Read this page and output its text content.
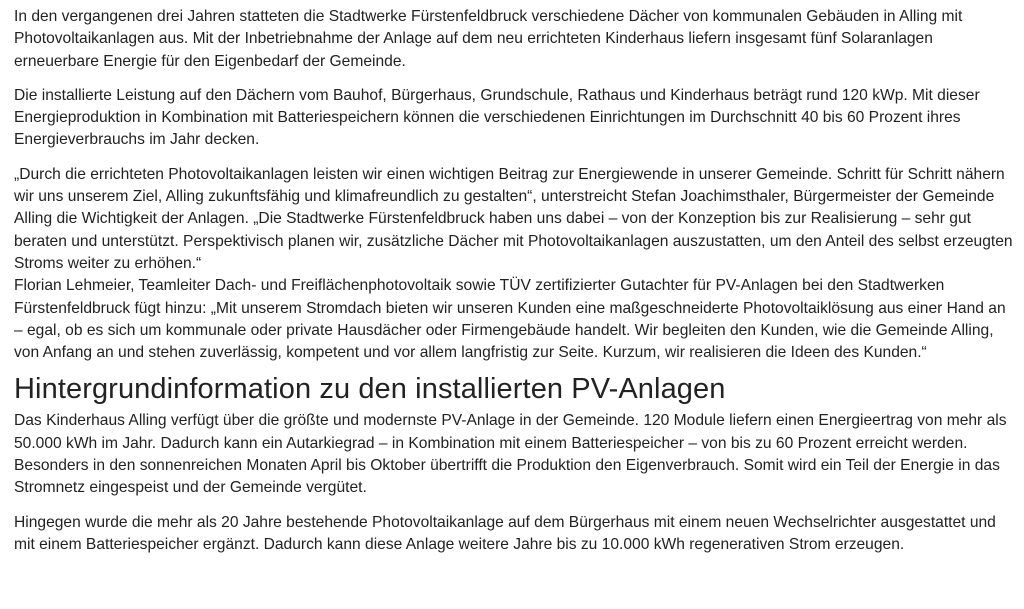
In den vergangenen drei Jahren statteten die Stadtwerke Fürstenfeldbruck verschiedene Dächer von kommunalen Gebäuden in Alling mit Photovoltaikanlagen aus. Mit der Inbetriebnahme der Anlage auf dem neu errichteten Kinderhaus liefern insgesamt fünf Solaranlagen erneuerbare Energie für den Eigenbedarf der Gemeinde.

Die installierte Leistung auf den Dächern vom Bauhof, Bürgerhaus, Grundschule, Rathaus und Kinderhaus beträgt rund 120 kWp. Mit dieser Energieproduktion in Kombination mit Batteriespeichern können die verschiedenen Einrichtungen im Durchschnitt 40 bis 60 Prozent ihres Energieverbrauchs im Jahr decken.

„Durch die errichteten Photovoltaikanlagen leisten wir einen wichtigen Beitrag zur Energiewende in unserer Gemeinde. Schritt für Schritt nähern wir uns unserem Ziel, Alling zukunftsfähig und klimafreundlich zu gestalten“, unterstreicht Stefan Joachimsthaler, Bürgermeister der Gemeinde Alling die Wichtigkeit der Anlagen. „Die Stadtwerke Fürstenfeldbruck haben uns dabei – von der Konzeption bis zur Realisierung – sehr gut beraten und unterstützt. Perspektivisch planen wir, zusätzliche Dächer mit Photovoltaikanlagen auszustatten, um den Anteil des selbst erzeugten Stroms weiter zu erhöhen.“

Florian Lehmeier, Teamleiter Dach- und Freiflächenphotovoltaik sowie TÜV zertifizierter Gutachter für PV-Anlagen bei den Stadtwerken Fürstenfeldbruck fügt hinzu: „Mit unserem Stromdach bieten wir unseren Kunden eine maßgeschneiderte Photovoltaiklösung aus einer Hand an – egal, ob es sich um kommunale oder private Hausdächer oder Firmengebäude handelt. Wir begleiten den Kunden, wie die Gemeinde Alling, von Anfang an und stehen zuverlässig, kompetent und vor allem langfristig zur Seite. Kurzum, wir realisieren die Ideen des Kunden.“

Hintergrundinformation zu den installierten PV-Anlagen

Das Kinderhaus Alling verfügt über die größte und modernste PV-Anlage in der Gemeinde. 120 Module liefern einen Energieertrag von mehr als 50.000 kWh im Jahr. Dadurch kann ein Autarkiegrad – in Kombination mit einem Batteriespeicher – von bis zu 60 Prozent erreicht werden. Besonders in den sonnenreichen Monaten April bis Oktober übertrifft die Produktion den Eigenverbrauch. Somit wird ein Teil der Energie in das Stromnetz eingespeist und der Gemeinde vergütet.

Hingegen wurde die mehr als 20 Jahre bestehende Photovoltaikanlage auf dem Bürgerhaus mit einem neuen Wechselrichter ausgestattet und mit einem Batteriespeicher ergänzt. Dadurch kann diese Anlage weitere Jahre bis zu 10.000 kWh regenerativen Strom erzeugen.
